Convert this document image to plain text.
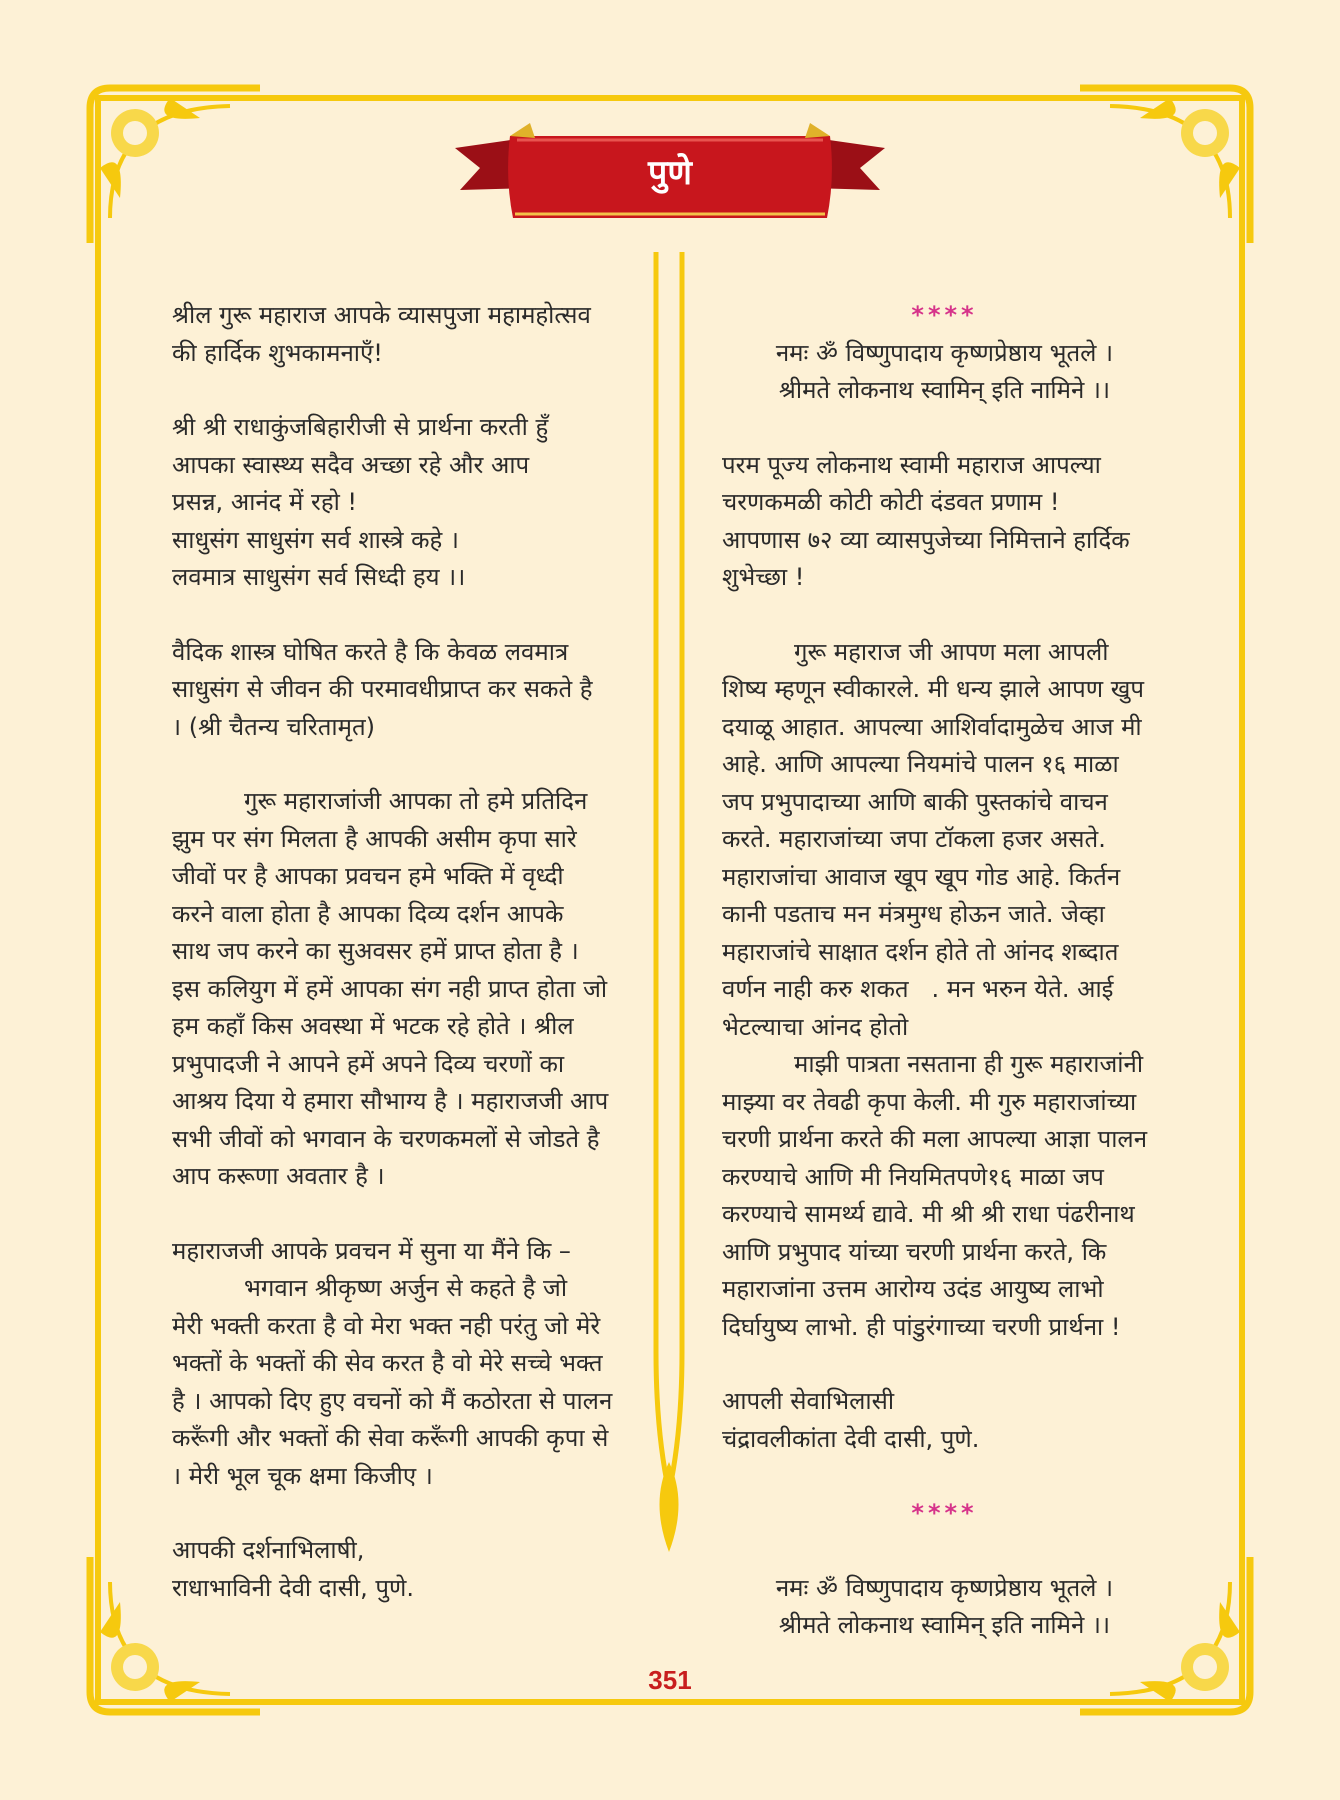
पुणे

श्रील गुरू महाराज आपके व्यासपुजा महामहोत्सव

की हार्दिक शुभकामनाएँ!

श्री श्री राधाकुंजबिहारीजी से प्रार्थना करती हुँ

आपका स्वास्थ्य सदैव अच्छा रहे और आप

प्रसन्न, आनंद में रहो !

साधुसंग साधुसंग सर्व शास्त्रे कहे ।

लवमात्र साधुसंग सर्व सिध्दी हय ।।

वैदिक शास्त्र घोषित करते है कि केवळ लवमात्र

साधुसंग से जीवन की परमावधीप्राप्त कर सकते है

। (श्री चैतन्य चरितामृत)

गुरू महाराजांजी आपका तो हमे प्रतिदिन

झुम पर संग मिलता है आपकी असीम कृपा सारे

जीवों पर है आपका प्रवचन हमे भक्ति में वृध्दी

करने वाला होता है आपका दिव्य दर्शन आपके

साथ जप करने का सुअवसर हमें प्राप्त होता है ।

इस कलियुग में हमें आपका संग नही प्राप्त होता जो

हम कहाँ किस अवस्था में भटक रहे होते । श्रील

प्रभुपादजी ने आपने हमें अपने दिव्य चरणों का

आश्रय दिया ये हमारा सौभाग्य है । महाराजजी आप

सभी जीवों को भगवान के चरणकमलों से जोडते है

आप करूणा अवतार है ।

महाराजजी आपके प्रवचन में सुना या मैंने कि –

भगवान श्रीकृष्ण अर्जुन से कहते है जो

मेरी भक्ती करता है वो मेरा भक्त नही परंतु जो मेरे

भक्तों के भक्तों की सेव करत है वो मेरे सच्चे भक्त

है । आपको दिए हुए वचनों को मैं कठोरता से पालन

करूँगी और भक्तों की सेवा करूँगी आपकी कृपा से

। मेरी भूल चूक क्षमा किजीए ।

आपकी दर्शनाभिलाषी,

राधाभाविनी देवी दासी, पुणे.

****

नमः ॐ विष्णुपादाय कृष्णप्रेष्ठाय भूतले ।

श्रीमते लोकनाथ स्वामिन् इति नामिने ।।

परम पूज्य लोकनाथ स्वामी महाराज आपल्या

चरणकमळी कोटी कोटी दंडवत प्रणाम !

आपणास ७२ व्या व्यासपुजेच्या निमित्ताने हार्दिक

शुभेच्छा !

गुरू महाराज जी आपण मला आपली

शिष्य म्हणून स्वीकारले. मी धन्य झाले आपण खुप

दयाळू आहात. आपल्या आशिर्वादामुळेच आज मी

आहे. आणि आपल्या नियमांचे पालन १६ माळा

जप प्रभुपादाच्या आणि बाकी पुस्तकांचे वाचन

करते. महाराजांच्या जपा टॉकला हजर असते.

महाराजांचा आवाज खूप खूप गोड आहे. किर्तन

कानी पडताच मन मंत्रमुग्ध होऊन जाते. जेव्हा

महाराजांचे साक्षात दर्शन होते तो आंनद शब्दात

वर्णन नाही करु शकत   . मन भरुन येते. आई

भेटल्याचा आंनद होतो

माझी पात्रता नसताना ही गुरू महाराजांनी

माझ्या वर तेवढी कृपा केली. मी गुरु महाराजांच्या

चरणी प्रार्थना करते की मला आपल्या आज्ञा पालन

करण्याचे आणि मी नियमितपणे१६ माळा जप

करण्याचे सामर्थ्य द्यावे. मी श्री श्री राधा पंढरीनाथ

आणि प्रभुपाद यांच्या चरणी प्रार्थना करते, कि

महाराजांना उत्तम आरोग्य उदंड आयुष्य लाभो

दिर्घायुष्य लाभो. ही पांडुरंगाच्या चरणी प्रार्थना !

आपली सेवाभिलासी

चंद्रावलीकांता देवी दासी, पुणे.

****

नमः ॐ विष्णुपादाय कृष्णप्रेष्ठाय भूतले ।

श्रीमते लोकनाथ स्वामिन् इति नामिने ।।

351
